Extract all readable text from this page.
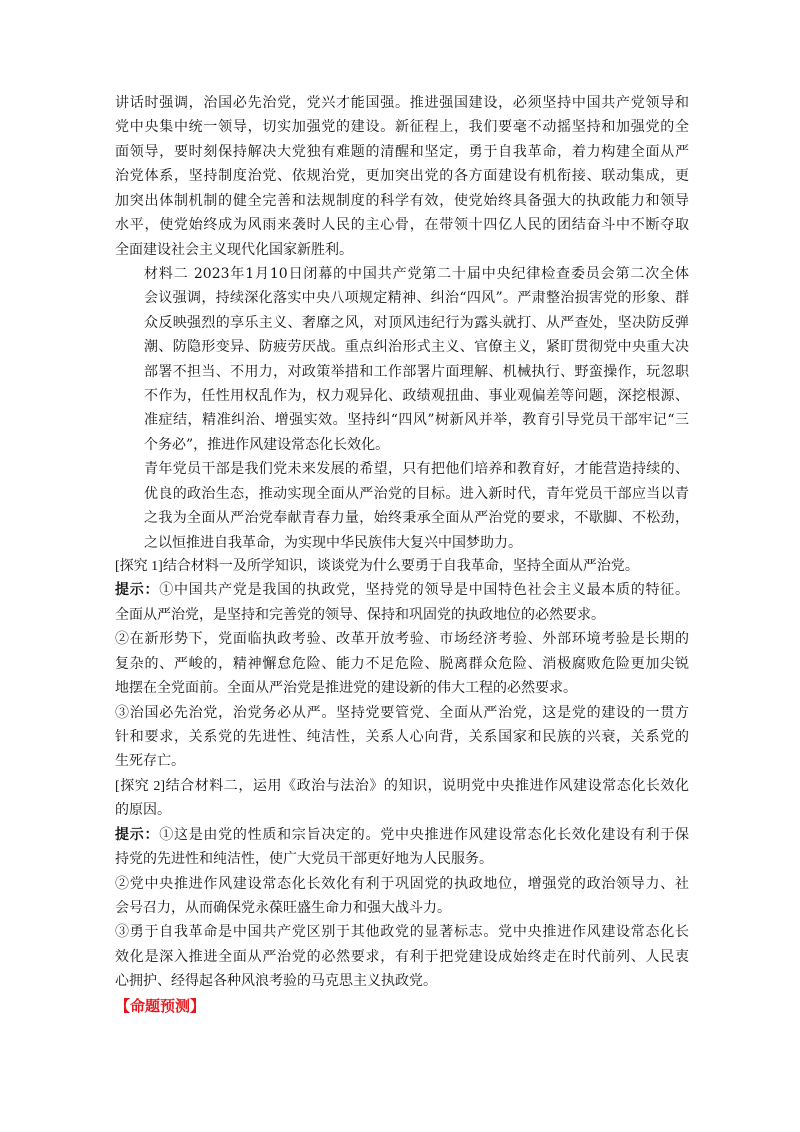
讲话时强调，治国必先治党，党兴才能国强。推进强国建设，必须坚持中国共产党领导和
党中央集中统一领导，切实加强党的建设。新征程上，我们要毫不动摇坚持和加强党的全
面领导，要时刻保持解决大党独有难题的清醒和坚定，勇于自我革命，着力构建全面从严
治党体系，坚持制度治党、依规治党，更加突出党的各方面建设有机衔接、联动集成，更
加突出体制机制的健全完善和法规制度的科学有效，使党始终具备强大的执政能力和领导
水平，使党始终成为风雨来袭时人民的主心骨，在带领十四亿人民的团结奋斗中不断夺取
全面建设社会主义现代化国家新胜利。
材料二 2023年1月10日闭幕的中国共产党第二十届中央纪律检查委员会第二次全体
会议强调，持续深化落实中央八项规定精神、纠治“四风”。严肃整治损害党的形象、群
众反映强烈的享乐主义、奢靡之风，对顶风违纪行为露头就打、从严查处，坚决防反弹
潮、防隐形变异、防疲劳厌战。重点纠治形式主义、官僚主义，紧盯贯彻党中央重大决
部署不担当、不用力，对政策举措和工作部署片面理解、机械执行、野蛮操作，玩忽职
不作为，任性用权乱作为，权力观异化、政绩观扭曲、事业观偏差等问题，深挖根源、
准症结，精准纠治、增强实效。坚持纠“四风”树新风并举，教育引导党员干部牢记“三
个务必”，推进作风建设常态化长效化。
青年党员干部是我们党未来发展的希望，只有把他们培养和教育好，才能营造持续的、
优良的政治生态，推动实现全面从严治党的目标。进入新时代，青年党员干部应当以青
之我为全面从严治党奉献青春力量，始终秉承全面从严治党的要求，不歇脚、不松劲，
之以恒推进自我革命，为实现中华民族伟大复兴中国梦助力。
[探究 1]结合材料一及所学知识，谈谈党为什么要勇于自我革命，坚持全面从严治党。
提示：①中国共产党是我国的执政党，坚持党的领导是中国特色社会主义最本质的特征。
全面从严治党，是坚持和完善党的领导、保持和巩固党的执政地位的必然要求。
②在新形势下，党面临执政考验、改革开放考验、市场经济考验、外部环境考验是长期的
复杂的、严峻的，精神懈怠危险、能力不足危险、脱离群众危险、消极腐败危险更加尖锐
地摆在全党面前。全面从严治党是推进党的建设新的伟大工程的必然要求。
③治国必先治党，治党务必从严。坚持党要管党、全面从严治党，这是党的建设的一贯方
针和要求，关系党的先进性、纯洁性，关系人心向背，关系国家和民族的兴衰，关系党的
生死存亡。
[探究 2]结合材料二，运用《政治与法治》的知识，说明党中央推进作风建设常态化长效化
的原因。
提示：①这是由党的性质和宗旨决定的。党中央推进作风建设常态化长效化建设有利于保
持党的先进性和纯洁性，使广大党员干部更好地为人民服务。
②党中央推进作风建设常态化长效化有利于巩固党的执政地位，增强党的政治领导力、社
会号召力，从而确保党永葆旺盛生命力和强大战斗力。
③勇于自我革命是中国共产党区别于其他政党的显著标志。党中央推进作风建设常态化长
效化是深入推进全面从严治党的必然要求，有利于把党建设成始终走在时代前列、人民衷
心拥护、经得起各种风浪考验的马克思主义执政党。
【命题预测】
